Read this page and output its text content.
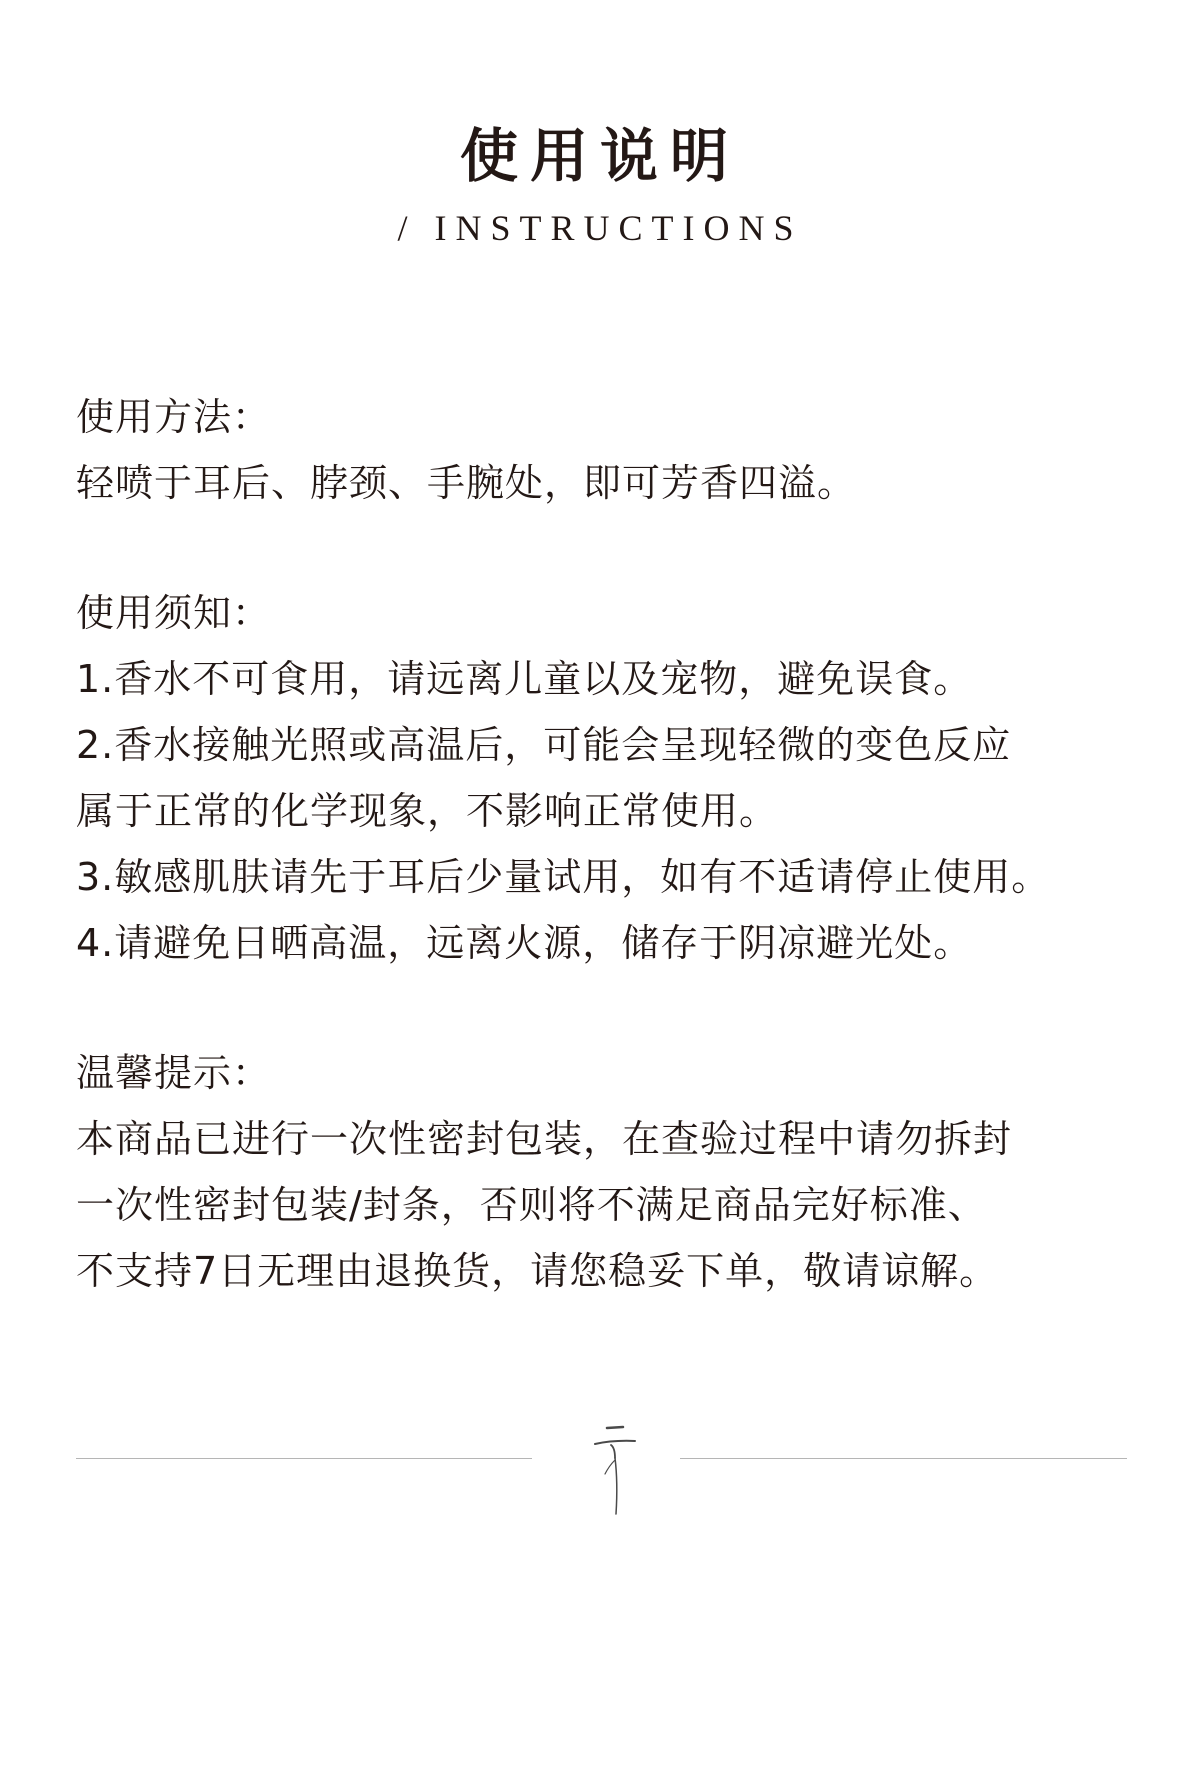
使用说明
/ INSTRUCTIONS

使用方法：

轻喷于耳后、脖颈、手腕处，即可芳香四溢。

使用须知：

1.香水不可食用，请远离儿童以及宠物，避免误食。

2.香水接触光照或高温后，可能会呈现轻微的变色反应

属于正常的化学现象，不影响正常使用。

3.敏感肌肤请先于耳后少量试用，如有不适请停止使用。

4.请避免日晒高温，远离火源，储存于阴凉避光处。

温馨提示：

本商品已进行一次性密封包装，在查验过程中请勿拆封

一次性密封包装/封条，否则将不满足商品完好标准、

不支持7日无理由退换货，请您稳妥下单，敬请谅解。
